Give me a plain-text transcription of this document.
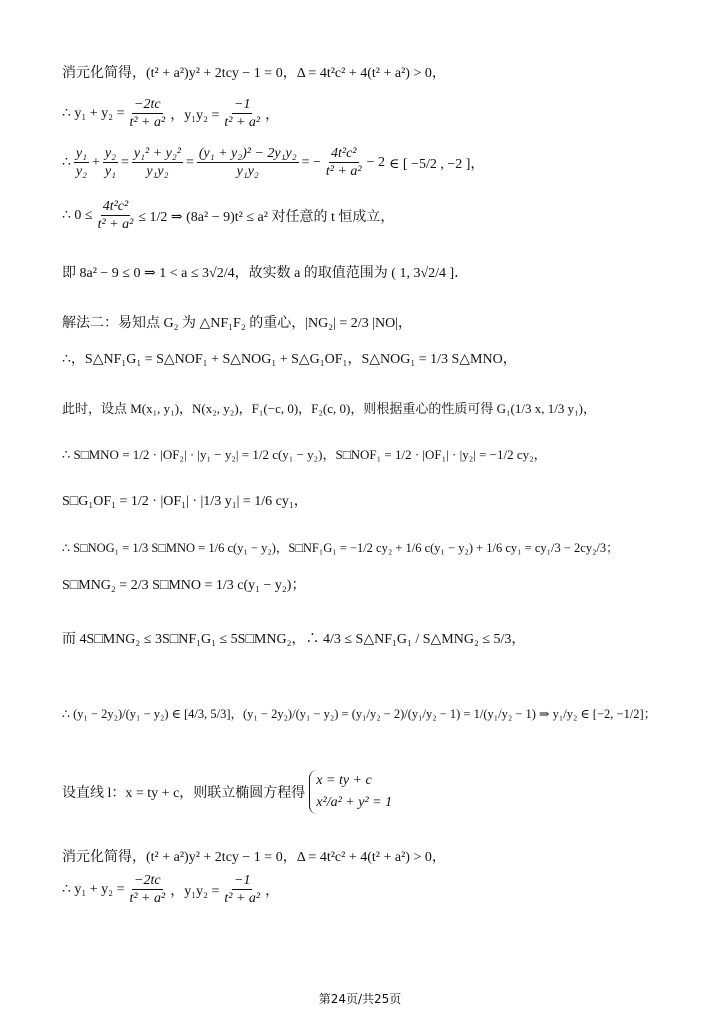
消元化简得，(t² + a²)y² + 2tcy − 1 = 0，Δ = 4t²c² + 4(t² + a²) > 0，
∴ $y_1 + y_2 = \frac{-2tc}{\text{t² + a²}}$ ，$y_1y_2 = \frac{-1}{\text{t² + a²}}$ ，
∴ $\frac{\text{y₁}}{\text{y₂}} + \frac{\text{y₂}}{\text{y₁}} = \frac{\text{y₁² + y₂²}}{\text{y₁y₂}} = \frac{\text{(y₁ + y₂)² − 2y₁y₂}}{\text{y₁y₂}}$ = − $\frac{\text{4t²c²}}{\text{t² + a²}} - 2$ ∈ [ −5/2 , −2 ]，
∴ $0 \le \frac{\text{4t²c²}}{\text{t² + a²}} \le 1/2$ ⇒ (8a² − 9)t² ≤ a² 对任意的 t 恒成立，
即 8a² − 9 ≤ 0 ⇒ 1 < a ≤ 3√2/4，故实数 a 的取值范围为 ( 1, 3√2/4 ]．
解法二：易知点 G₂ 为 △NF₁F₂ 的重心，|NG₂| = 2/3 |NO|，
∴，S△NF₁G₁ = S△NOF₁ + S△NOG₁ + S△G₁OF₁，S△NOG₁ = 1/3 S△MNO，
此时，设点 M(x₁, y₁)，N(x₂, y₂)，F₁(−c, 0)，F₂(c, 0)，则根据重心的性质可得 G₁(1/3 x, 1/3 y₁)，
∴ S□MNO = 1/2 · |OF₂| · |y₁ − y₂| = 1/2 c(y₁ − y₂)，S□NOF₁ = 1/2 · |OF₁| · |y₂| = −1/2 cy₂，
S□G₁OF₁ = 1/2 · |OF₁| · |1/3 y₁| = 1/6 cy₁，
∴ S□NOG₁ = 1/3 S□MNO = 1/6 c(y₁ − y₂)，S□NF₁G₁ = −1/2 cy₂ + 1/6 c(y₁ − y₂) + 1/6 cy₁ = cy₁/3 − 2cy₂/3；
S□MNG₂ = 2/3 S□MNO = 1/3 c(y₁ − y₂)；
而 4S□MNG₂ ≤ 3S□NF₁G₁ ≤ 5S□MNG₂，∴ 4/3 ≤ S△NF₁G₁ / S△MNG₂ ≤ 5/3，
∴ (y₁ − 2y₂)/(y₁ − y₂) ∈ [4/3, 5/3]，(y₁ − 2y₂)/(y₁ − y₂) = (y₁/y₂ − 2)/(y₁/y₂ − 1) = 1/(y₁/y₂ − 1) ⇒ y₁/y₂ ∈ [−2, −1/2]；
设直线 l：x = ty + c，则联立椭圆方程得
x = ty + c
x²/a² + y² = 1
消元化简得，(t² + a²)y² + 2tcy − 1 = 0，Δ = 4t²c² + 4(t² + a²) > 0，
∴ $y_1 + y_2 = \frac{-2tc}{\text{t² + a²}}$ ，$y_1y_2 = \frac{-1}{\text{t² + a²}}$ ，
第24页/共25页
